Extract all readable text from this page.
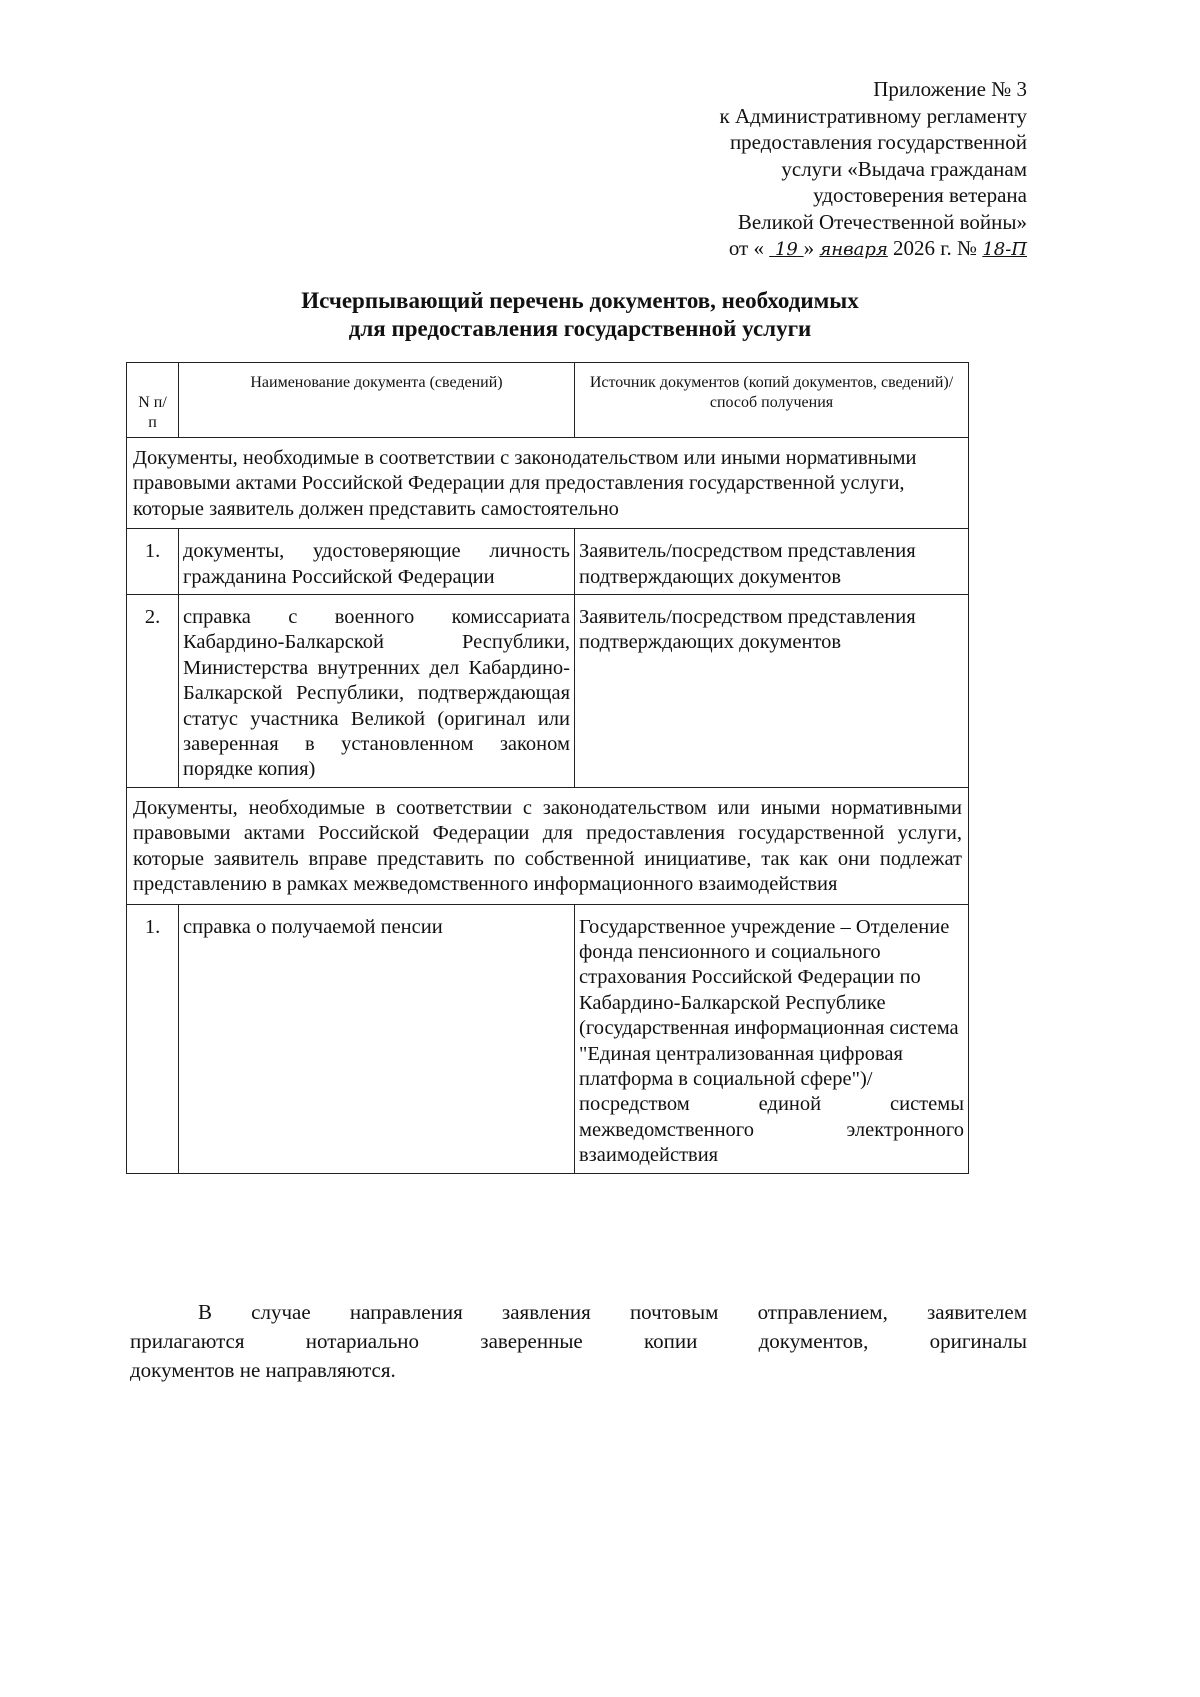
Приложение № 3
к Административному регламенту
предоставления государственной
услуги «Выдача гражданам
удостоверения ветерана
Великой Отечественной войны»
от « 19 » января 2026 г. № 18-П
Исчерпывающий перечень документов, необходимых
для предоставления государственной услуги
N п/п	Наименование документа (сведений)	Источник документов (копий документов, сведений)/ способ получения
Документы, необходимые в соответствии с законодательством или иными нормативными правовыми актами Российской Федерации для предоставления государственной услуги, которые заявитель должен представить самостоятельно		
1.	документы, удостоверяющие личность гражданина Российской Федерации	Заявитель/посредством представления подтверждающих документов
2.	справка с военного комиссариата Кабардино-Балкарской Республики, Министерства внутренних дел Кабардино-Балкарской Республики, подтверждающая статус участника Великой (оригинал или заверенная в установленном законом порядке копия)	Заявитель/посредством представления подтверждающих документов
Документы, необходимые в соответствии с законодательством или иными нормативными правовыми актами Российской Федерации для предоставления государственной услуги, которые заявитель вправе представить по собственной инициативе, так как они подлежат представлению в рамках межведомственного информационного взаимодействия		
1.	справка о получаемой пенсии	Государственное учреждение – Отделение фонда пенсионного и социального страхования Российской Федерации по Кабардино-Балкарской Республике (государственная информационная система "Единая централизованная цифровая платформа в социальной сфере")/
посредством единой системы межведомственного электронного взаимодействия
В случае направления заявления почтовым отправлением, заявителем
прилагаются нотариально заверенные копии документов, оригиналы
документов не направляются.
